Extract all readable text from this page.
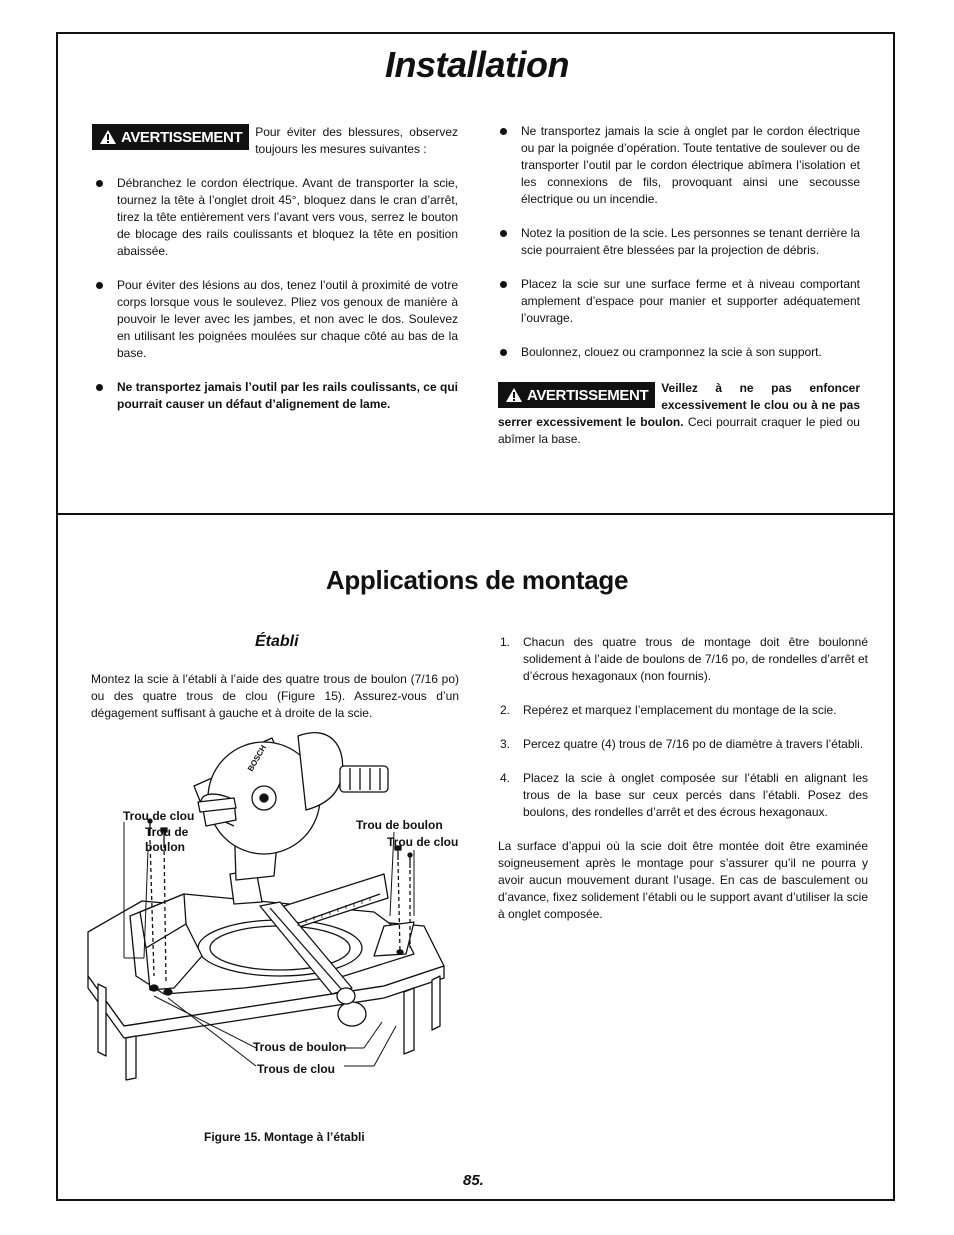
Installation
AVERTISSEMENT	Pour éviter des blessures, observez toujours les mesures suivantes :
Débranchez le cordon électrique. Avant de transporter la scie, tournez la tête à l’onglet droit 45°, bloquez dans le cran d’arrêt, tirez la tête entièrement vers l’avant vers vous, serrez le bouton de blocage des rails coulissants et bloquez la tête en position abaissée.
Pour éviter des lésions au dos, tenez l’outil à proximité de votre corps lorsque vous le soulevez. Pliez vos genoux de manière à pouvoir le lever avec les jambes, et non avec le dos. Soulevez en utilisant les poignées moulées sur chaque côté au bas de la base.
Ne transportez jamais l’outil par les rails coulissants, ce qui pourrait causer un défaut d’alignement de lame.
Ne transportez jamais la scie à onglet par le cordon électrique ou par la poignée d’opération. Toute tentative de soulever ou de transporter l’outil par le cordon électrique abîmera l’isolation et les connexions de fils, provoquant ainsi une secousse électrique ou un incendie.
Notez la position de la scie. Les personnes se tenant derrière la scie pourraient être blessées par la projection de débris.
Placez la scie sur une surface ferme et à niveau comportant amplement d’espace pour manier et supporter adéquatement l’ouvrage.
Boulonnez, clouez ou cramponnez la scie à son support.
AVERTISSEMENT Veillez à ne pas enfoncer excessivement le clou ou à ne pas serrer excessivement le boulon. Ceci pourrait craquer le pied ou abîmer la base.
Applications de montage
Établi
Montez la scie à l’établi à l’aide des quatre trous de boulon (7/16 po) ou des quatre trous de clou (Figure 15). Assurez-vous d’un dégagement suffisant à gauche et à droite de la scie.
1. Chacun des quatre trous de montage doit être boulonné solidement à l’aide de boulons de 7/16 po, de rondelles d’arrêt et d’écrous hexagonaux (non fournis).
2. Repérez et marquez l’emplacement du montage de la scie.
3. Percez quatre (4) trous de 7/16 po de diamètre à travers l’établi.
4. Placez la scie à onglet composée sur l’établi en alignant les trous de la base sur ceux percés dans l’établi. Posez des boulons, des rondelles d’arrêt et des écrous hexagonaux.
La surface d’appui où la scie doit être montée doit être examinée soigneusement après le montage pour s’assurer qu’il ne pourra y avoir aucun mouvement durant l’usage. En cas de basculement ou d’avance, fixez solidement l’établi ou le support avant d’utiliser la scie à onglet composée.
BOSCH
Trou de clou
Trou de
boulon
Trou de boulon
Trou de clou
Trous de boulon
Trous de clou
Figure 15. Montage à l’établi
85.
